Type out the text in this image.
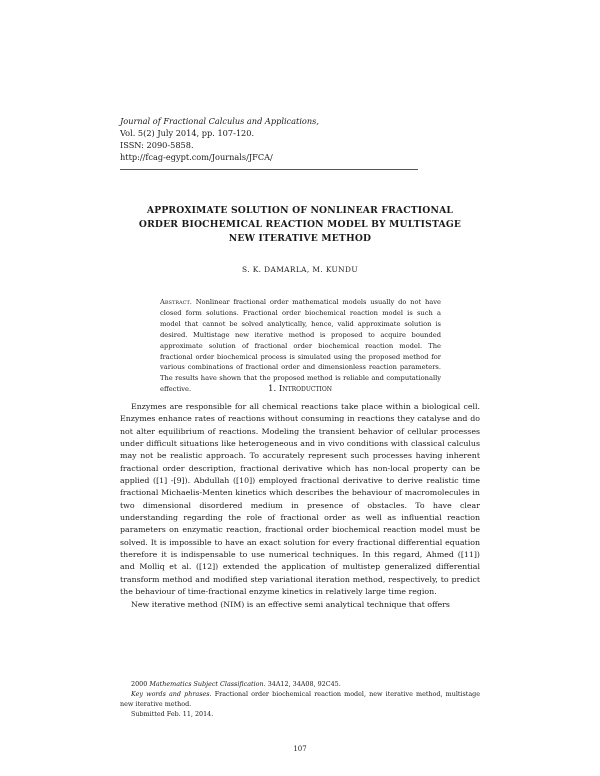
Journal of Fractional Calculus and Applications,
Vol. 5(2) July 2014, pp. 107-120.
ISSN: 2090-5858.
http://fcag-egypt.com/Journals/JFCA/
APPROXIMATE SOLUTION OF NONLINEAR FRACTIONAL
ORDER BIOCHEMICAL REACTION MODEL BY MULTISTAGE
NEW ITERATIVE METHOD
S. K. DAMARLA, M. KUNDU
Abstract. Nonlinear fractional order mathematical models usually do not have closed form solutions. Fractional order biochemical reaction model is such a model that cannot be solved analytically, hence, valid approximate solution is desired. Multistage new iterative method is proposed to acquire bounded approximate solution of fractional order biochemical reaction model. The fractional order biochemical process is simulated using the proposed method for various combinations of fractional order and dimensionless reaction parameters. The results have shown that the proposed method is reliable and computationally effective.	1. Introduction

Enzymes are responsible for all chemical reactions take place within a biological cell. Enzymes enhance rates of reactions without consuming in reactions they catalyse and do not alter equilibrium of reactions. Modeling the transient behavior of cellular processes under difficult situations like heterogeneous and in vivo conditions with classical calculus may not be realistic approach. To accurately represent such processes having inherent fractional order description, fractional derivative which has non-local property can be applied ([1] -[9]). Abdullah ([10]) employed fractional derivative to derive realistic time fractional Michaelis-Menten kinetics which describes the behaviour of macromolecules in two dimensional disordered medium in presence of obstacles. To have clear understanding regarding the role of fractional order as well as influential reaction parameters on enzymatic reaction, fractional order biochemical reaction model must be solved. It is impossible to have an exact solution for every fractional differential equation therefore it is indispensable to use numerical techniques. In this regard, Ahmed ([11]) and Molliq et al. ([12]) extended the application of multistep generalized differential transform method and modified step variational iteration method, respectively, to predict the behaviour of time-fractional enzyme kinetics in relatively large time region.

New iterative method (NIM) is an effective semi analytical technique that offers

2000 Mathematics Subject Classification. 34A12, 34A08, 92C45.

Key words and phrases. Fractional order biochemical reaction model, new iterative method, multistage new iterative method.

Submitted Feb. 11, 2014.

107
